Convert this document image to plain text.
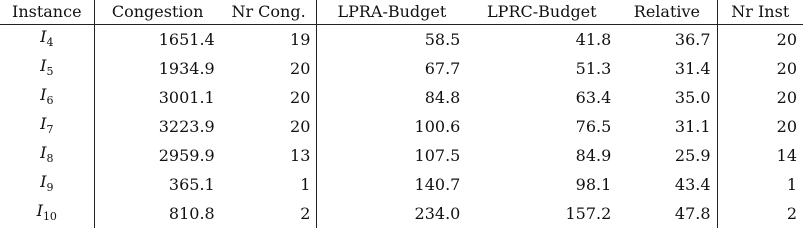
Instance	Congestion	Nr Cong.	LPRA-Budget	LPRC-Budget	Relative	Nr Inst
$I_4$	1651.4	19	58.5	41.8	36.7	20
$I_5$	1934.9	20	67.7	51.3	31.4	20
$I_6$	3001.1	20	84.8	63.4	35.0	20
$I_7$	3223.9	20	100.6	76.5	31.1	20
$I_8$	2959.9	13	107.5	84.9	25.9	14
$I_9$	365.1	1	140.7	98.1	43.4	1
$I_{10}$	810.8	2	234.0	157.2	47.8	2
